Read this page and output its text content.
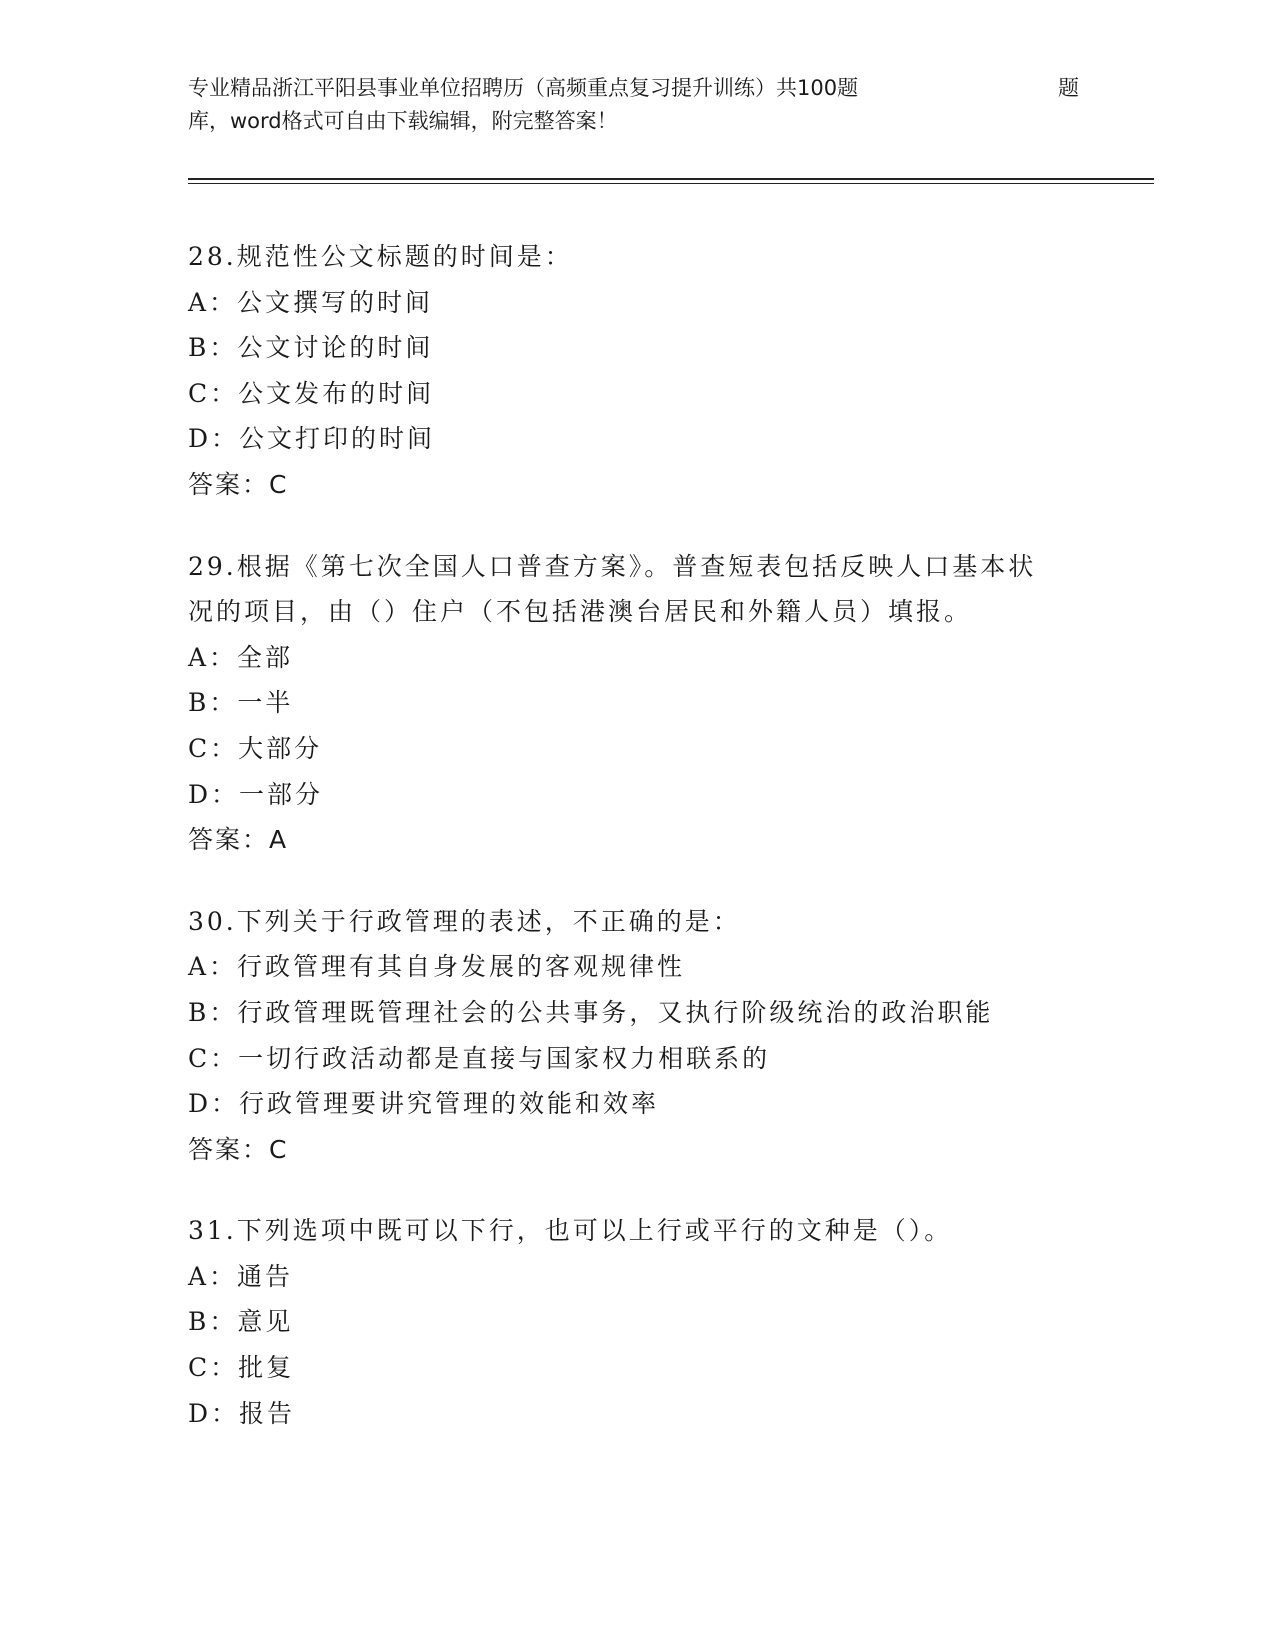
专业精品浙江平阳县事业单位招聘历（高频重点复习提升训练）共100题	题
库，word格式可自由下载编辑，附完整答案！
28.规范性公文标题的时间是：
A：公文撰写的时间
B：公文讨论的时间
C：公文发布的时间
D：公文打印的时间
答案：C
29.根据《第七次全国人口普查方案》。普查短表包括反映人口基本状
况的项目，由（）住户（不包括港澳台居民和外籍人员）填报。
A：全部
B：一半
C：大部分
D：一部分
答案：A
30.下列关于行政管理的表述，不正确的是：
A：行政管理有其自身发展的客观规律性
B：行政管理既管理社会的公共事务，又执行阶级统治的政治职能
C：一切行政活动都是直接与国家权力相联系的
D：行政管理要讲究管理的效能和效率
答案：C
31.下列选项中既可以下行，也可以上行或平行的文种是（）。
A：通告
B：意见
C：批复
D：报告
